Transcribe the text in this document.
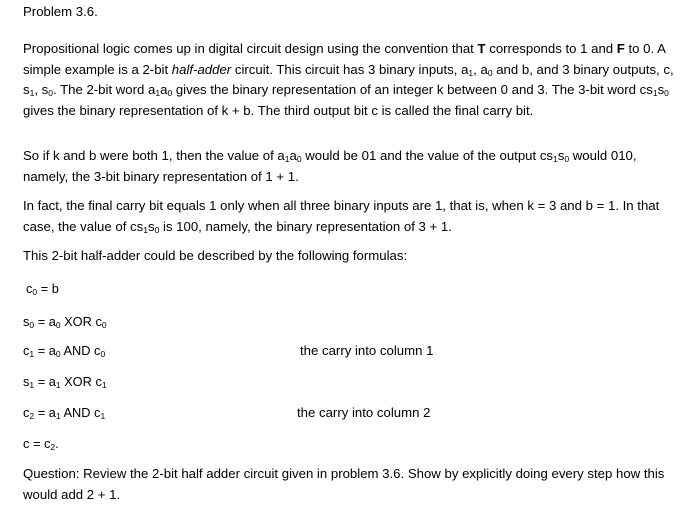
Problem 3.6.
Propositional logic comes up in digital circuit design using the convention that T corresponds to 1 and F to 0. A simple example is a 2-bit half-adder circuit. This circuit has 3 binary inputs, $a_1$, $a_0$ and b, and 3 binary outputs, c, $s_1$, $s_0$. The 2-bit word $a_1a_0$ gives the binary representation of an integer k between 0 and 3. The 3-bit word $cs_1s_0$ gives the binary representation of k + b. The third output bit c is called the final carry bit.
So if k and b were both 1, then the value of $a_1a_0$ would be 01 and the value of the output $cs_1s_0$ would 010, namely, the 3-bit binary representation of 1 + 1.
In fact, the final carry bit equals 1 only when all three binary inputs are 1, that is, when k = 3 and b = 1. In that case, the value of $cs_1s_0$ is 100, namely, the binary representation of 3 + 1.
This 2-bit half-adder could be described by the following formulas:
$c_0 = b$
$s_0 = a_0$ XOR $c_0$
$c_1 = a_0$ AND $c_0$	the carry into column 1
$s_1 = a_1$ XOR $c_1$
$c_2 = a_1$ AND $c_1$	the carry into column 2
$c = c_2$.
Question: Review the 2-bit half adder circuit given in problem 3.6. Show by explicitly doing every step how this would add 2 + 1.
